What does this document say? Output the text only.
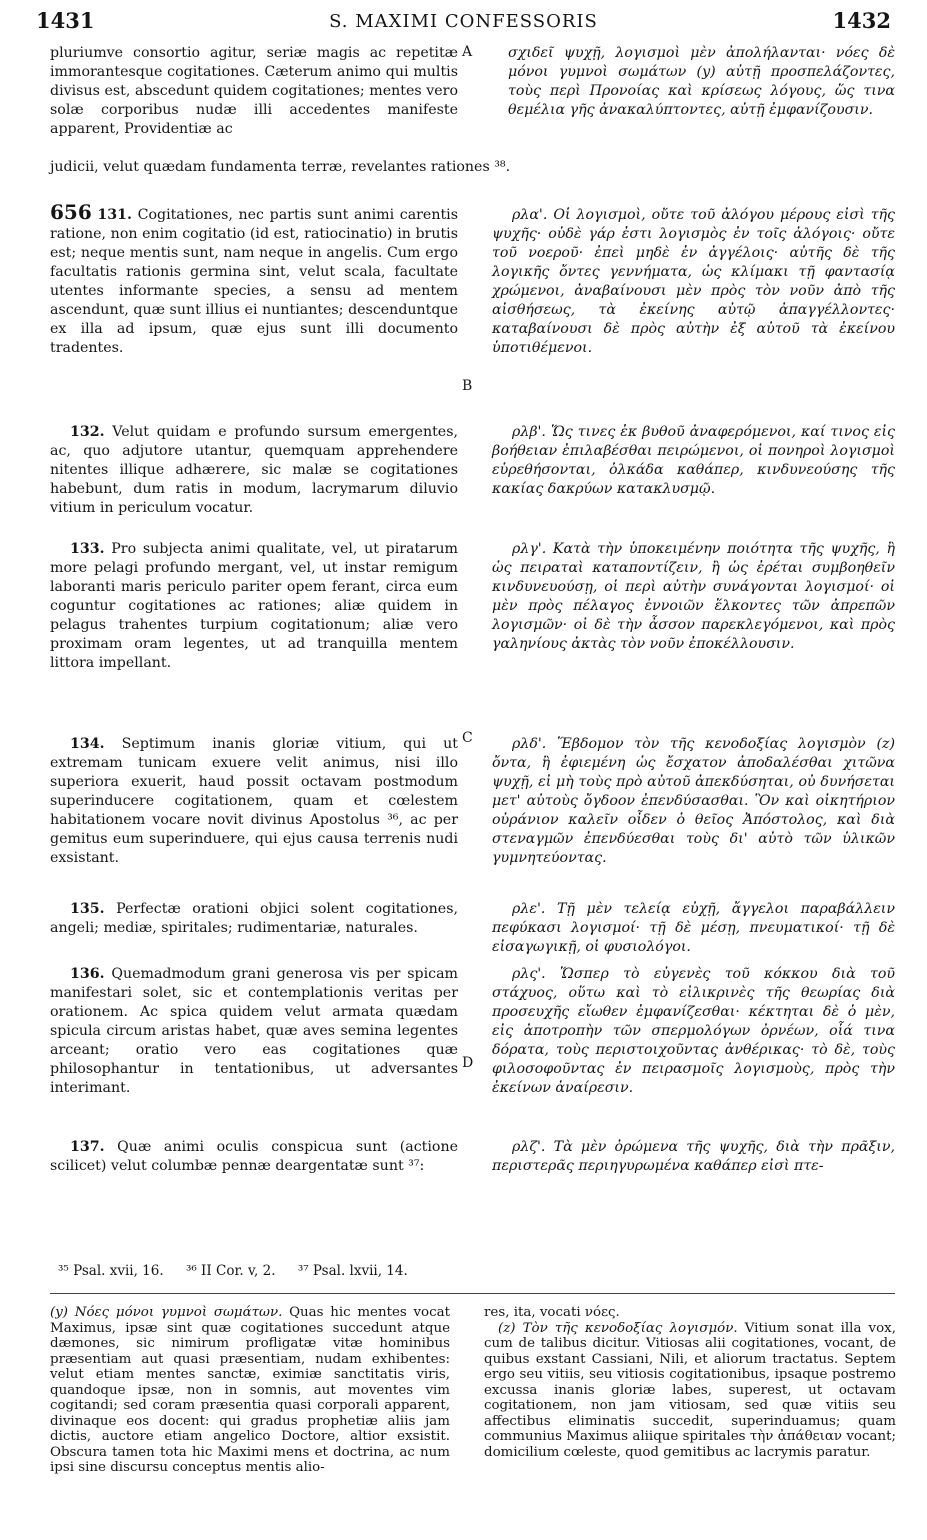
1431	S. MAXIMI CONFESSORIS	1432
pluriumve consortio agitur, seriæ magis ac repetitæ immorantesque cogitationes. Cæterum animo qui multis divisus est, abscedunt quidem cogitationes; mentes vero solæ corporibus nudæ illi accedentes manifeste apparent, Providentiæ ac
σχιδεῖ ψυχῇ, λογισμοὶ μὲν ἀπολήλανται· νόες δὲ μόνοι γυμνοὶ σωμάτων (y) αὐτῇ προσπελάζοντες, τοὺς περὶ Προνοίας καὶ κρίσεως λόγους, ὥς τινα θεμέλια γῆς ἀνακαλύπτοντες, αὐτῇ ἐμφανίζουσιν.
A
judicii, velut quædam fundamenta terræ, revelantes rationes ³⁸.

656 131. Cogitationes, nec partis sunt animi carentis ratione, non enim cogitatio (id est, ratiocinatio) in brutis est; neque mentis sunt, nam neque in angelis. Cum ergo facultatis rationis germina sint, velut scala, facultate utentes informante species, a sensu ad mentem ascendunt, quæ sunt illius ei nuntiantes; descenduntque ex illa ad ipsum, quæ ejus sunt illi documento tradentes.

132. Velut quidam e profundo sursum emergentes, ac, quo adjutore utantur, quemquam apprehendere nitentes illique adhærere, sic malæ se cogitationes habebunt, dum ratis in modum, lacrymarum diluvio vitium in periculum vocatur.

133. Pro subjecta animi qualitate, vel, ut piratarum more pelagi profundo mergant, vel, ut instar remigum laboranti maris periculo pariter opem ferant, circa eum coguntur cogitationes ac rationes; aliæ quidem in pelagus trahentes turpium cogitationum; aliæ vero proximam oram legentes, ut ad tranquilla mentem littora impellant.

134. Septimum inanis gloriæ vitium, qui ut extremam tunicam exuere velit animus, nisi illo superiora exuerit, haud possit octavam postmodum superinducere cogitationem, quam et cœlestem habitationem vocare novit divinus Apostolus ³⁶, ac per gemitus eum superinduere, qui ejus causa terrenis nudi exsistant.

135. Perfectæ orationi objici solent cogitationes, angeli; mediæ, spiritales; rudimentariæ, naturales.

136. Quemadmodum grani generosa vis per spicam manifestari solet, sic et contemplationis veritas per orationem. Ac spica quidem velut armata quædam spicula circum aristas habet, quæ aves semina legentes arceant; oratio vero eas cogitationes quæ philosophantur in tentationibus, ut adversantes interimant.

137. Quæ animi oculis conspicua sunt (actione scilicet) velut columbæ pennæ deargentatæ sunt ³⁷:

B
C
D

ρλα'. Οἱ λογισμοὶ, οὔτε τοῦ ἀλόγου μέρους εἰσὶ τῆς ψυχῆς· οὐδὲ γάρ ἐστι λογισμὸς ἐν τοῖς ἀλόγοις· οὔτε τοῦ νοεροῦ· ἐπεὶ μηδὲ ἐν ἀγγέλοις· αὐτῆς δὲ τῆς λογικῆς ὄντες γεννήματα, ὡς κλίμακι τῇ φαντασίᾳ χρώμενοι, ἀναβαίνουσι μὲν πρὸς τὸν νοῦν ἀπὸ τῆς αἰσθήσεως, τὰ ἐκείνης αὐτῷ ἀπαγγέλλοντες· καταβαίνουσι δὲ πρὸς αὐτὴν ἐξ αὐτοῦ τὰ ἐκείνου ὑποτιθέμενοι.

ρλβ'. Ὥς τινες ἐκ βυθοῦ ἀναφερόμενοι, καί τινος εἰς βοήθειαν ἐπιλαβέσθαι πειρώμενοι, οἱ πονηροὶ λογισμοὶ εὑρεθήσονται, ὁλκάδα καθάπερ, κινδυνεούσης τῆς κακίας δακρύων κατακλυσμῷ.

ρλγ'. Κατὰ τὴν ὑποκειμένην ποιότητα τῆς ψυχῆς, ἢ ὡς πειραταὶ καταποντίζειν, ἢ ὡς ἐρέται συμβοηθεῖν κινδυνευούσῃ, οἱ περὶ αὐτὴν συνάγονται λογισμοί· οἱ μὲν πρὸς πέλαγος ἐννοιῶν ἕλκοντες τῶν ἀπρεπῶν λογισμῶν· οἱ δὲ τὴν ἆσσον παρεκλεγόμενοι, καὶ πρὸς γαληνίους ἀκτὰς τὸν νοῦν ἐποκέλλουσιν.

ρλδ'. Ἕβδομον τὸν τῆς κενοδοξίας λογισμὸν (z) ὄντα, ἢ ἐφιεμένη ὡς ἔσχατον ἀποδαλέσθαι χιτῶνα ψυχῇ, εἰ μὴ τοὺς πρὸ αὐτοῦ ἀπεκδύσηται, οὐ δυνήσεται μετ' αὐτοὺς ὄγδοον ἐπενδύσασθαι. Ὃν καὶ οἰκητήριον οὐράνιον καλεῖν οἶδεν ὁ θεῖος Ἀπόστολος, καὶ διὰ στεναγμῶν ἐπενδύεσθαι τοὺς δι' αὐτὸ τῶν ὑλικῶν γυμνητεύοντας.

ρλε'. Τῇ μὲν τελείᾳ εὐχῇ, ἄγγελοι παραβάλλειν πεφύκασι λογισμοί· τῇ δὲ μέσῃ, πνευματικοί· τῇ δὲ εἰσαγωγικῇ, οἱ φυσιολόγοι.

ρλς'. Ὥσπερ τὸ εὐγενὲς τοῦ κόκκου διὰ τοῦ στάχυος, οὕτω καὶ τὸ εἰλικρινὲς τῆς θεωρίας διὰ προσευχῆς εἴωθεν ἐμφανίζεσθαι· κέκτηται δὲ ὁ μὲν, εἰς ἀποτροπὴν τῶν σπερμολόγων ὀρνέων, οἷά τινα δόρατα, τοὺς περιστοιχοῦντας ἀνθέρικας· τὸ δὲ, τοὺς φιλοσοφοῦντας ἐν πειρασμοῖς λογισμοὺς, πρὸς τὴν ἐκείνων ἀναίρεσιν.

ρλζ'. Τὰ μὲν ὁρώμενα τῆς ψυχῆς, διὰ τὴν πρᾶξιν, περιστερᾶς περιηγυρωμένα καθάπερ εἰσὶ πτε-

³⁵ Psal. xvii, 16. ³⁶ II Cor. v, 2. ³⁷ Psal. lxvii, 14.
(y) Νόες μόνοι γυμνοὶ σωμάτων. Quas hic mentes vocat Maximus, ipsæ sint quæ cogitationes succedunt atque dæmones, sic nimirum profligatæ vitæ hominibus præsentiam aut quasi præsentiam, nudam exhibentes: velut etiam mentes sanctæ, eximiæ sanctitatis viris, quandoque ipsæ, non in somnis, aut moventes vim cogitandi; sed coram præsentia quasi corporali apparent, divinaque eos docent: qui gradus prophetiæ aliis jam dictis, auctore etiam angelico Doctore, altior exsistit. Obscura tamen tota hic Maximi mens et doctrina, ac num ipsi sine discursu conceptus mentis alio-
res, ita, vocati νόες.
(z) Τὸν τῆς κενοδοξίας λογισμόν. Vitium sonat illa vox, cum de talibus dicitur. Vitiosas alii cogitationes, vocant, de quibus exstant Cassiani, Nili, et aliorum tractatus. Septem ergo seu vitiis, seu vitiosis cogitationibus, ipsaque postremo excussa inanis gloriæ labes, superest, ut octavam cogitationem, non jam vitiosam, sed quæ vitiis seu affectibus eliminatis succedit, superinduamus; quam communius Maximus aliique spiritales τὴν ἀπάθειαν vocant; domicilium cœleste, quod gemitibus ac lacrymis paratur.
